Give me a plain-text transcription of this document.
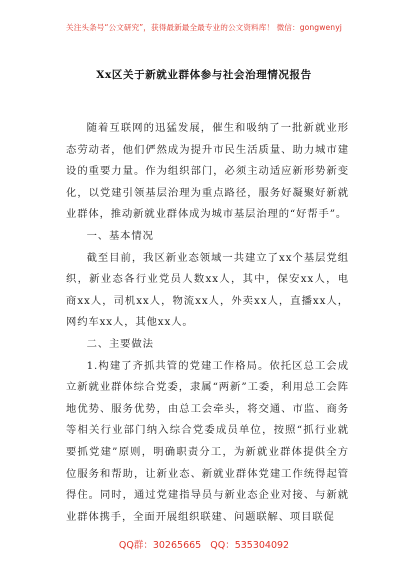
关注头条号“公文研究”，获得最新最全最专业的公文资料库！ 微信：gongwenyj
Xx区关于新就业群体参与社会治理情况报告

随着互联网的迅猛发展，催生和吸纳了一批新就业形态劳动者，他们俨然成为提升市民生活质量、助力城市建设的重要力量。作为组织部门，必须主动适应新形势新变化，以党建引领基层治理为重点路径，服务好凝聚好新就业群体，推动新就业群体成为城市基层治理的“好帮手”。

一、基本情况

截至目前，我区新业态领域一共建立了xx个基层党组织，新业态各行业党员人数xx人，其中，保安xx人，电商xx人，司机xx人，物流xx人，外卖xx人，直播xx人，网约车xx人，其他xx人。

二、主要做法

1.构建了齐抓共管的党建工作格局。依托区总工会成立新就业群体综合党委，隶属“两新”工委，利用总工会阵地优势、服务优势，由总工会牵头，将交通、市监、商务等相关行业部门纳入综合党委成员单位，按照“抓行业就要抓党建”原则，明确职责分工，为新就业群体提供全方位服务和帮助，让新业态、新就业群体党建工作统得起管得住。同时，通过党建指导员与新业态企业对接、与新就业群体携手，全面开展组织联建、问题联解、项目联促

QQ群：30265665 QQ：535304092
